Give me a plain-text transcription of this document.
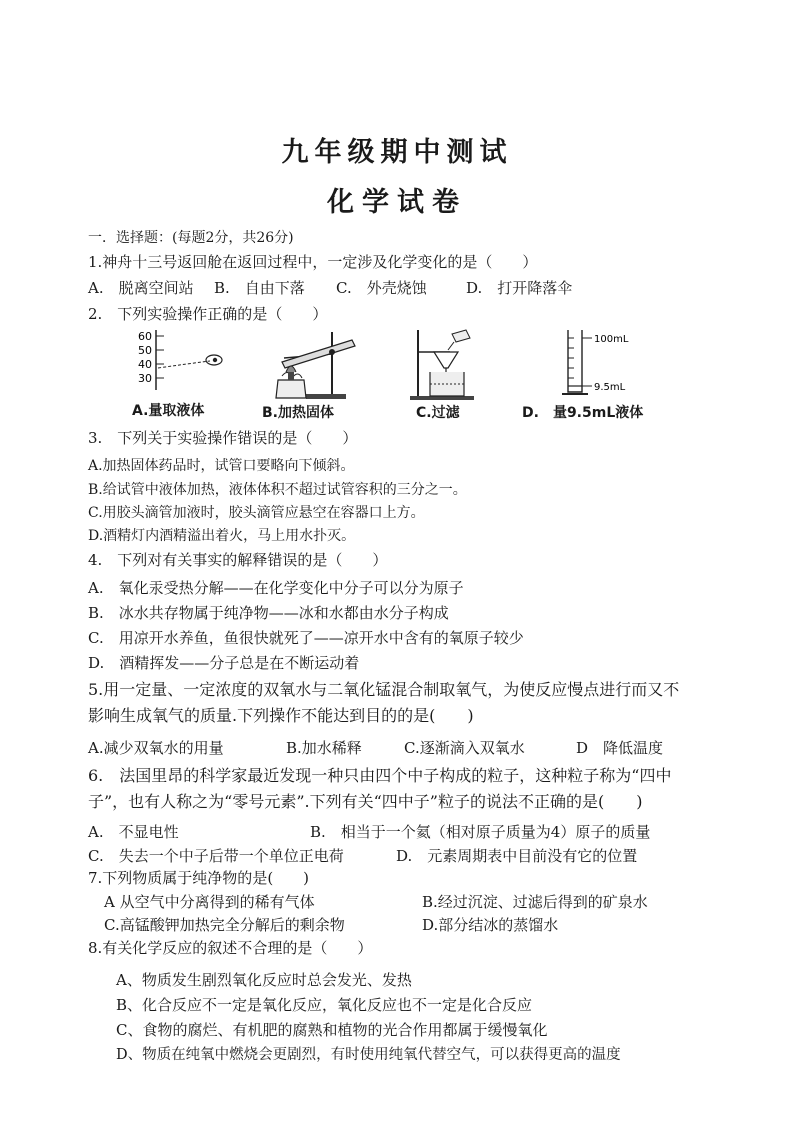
九年级期中测试
化学试卷
一．选择题：(每题2分，共26分)
1.神舟十三号返回舱在返回过程中，一定涉及化学变化的是（　　）
A.　脱离空间站 B.　自由下落 C.　外壳烧蚀	D.　打开降落伞
2.　下列实验操作正确的是（　　）
60
50
40
30
A.量取液体	B.加热固体	C.过滤
100mL
9.5mL
D.　量9.5mL液体
3.　下列关于实验操作错误的是（　　）
A.加热固体药品时，试管口要略向下倾斜。
B.给试管中液体加热，液体体积不超过试管容积的三分之一。
C.用胶头滴管加液时，胶头滴管应悬空在容器口上方。
D.酒精灯内酒精溢出着火，马上用水扑灭。
4.　下列对有关事实的解释错误的是（　　）
A.　氧化汞受热分解——在化学变化中分子可以分为原子
B.　冰水共存物属于纯净物——冰和水都由水分子构成
C.　用凉开水养鱼，鱼很快就死了——凉开水中含有的氧原子较少
D.　酒精挥发——分子总是在不断运动着
5.用一定量、一定浓度的双氧水与二氧化锰混合制取氧气，为使反应慢点进行而又不
影响生成氧气的质量.下列操作不能达到目的的是(　　)
A.减少双氧水的用量	B.加水稀释	C.逐渐滴入双氧水	D　降低温度
6.　法国里昂的科学家最近发现一种只由四个中子构成的粒子，这种粒子称为“四中
子”，也有人称之为“零号元素”.下列有关“四中子”粒子的说法不正确的是(　　)
A.　不显电性	B.　相当于一个氦（相对原子质量为4）原子的质量
C.　失去一个中子后带一个单位正电荷	D.　元素周期表中目前没有它的位置
7.下列物质属于纯净物的是(　　)
A 从空气中分离得到的稀有气体	B.经过沉淀、过滤后得到的矿泉水
C.高锰酸钾加热完全分解后的剩余物	D.部分结冰的蒸馏水
8.有关化学反应的叙述不合理的是（　　）
A、物质发生剧烈氧化反应时总会发光、发热
B、化合反应不一定是氧化反应，氧化反应也不一定是化合反应
C、食物的腐烂、有机肥的腐熟和植物的光合作用都属于缓慢氧化
D、物质在纯氧中燃烧会更剧烈，有时使用纯氧代替空气，可以获得更高的温度
